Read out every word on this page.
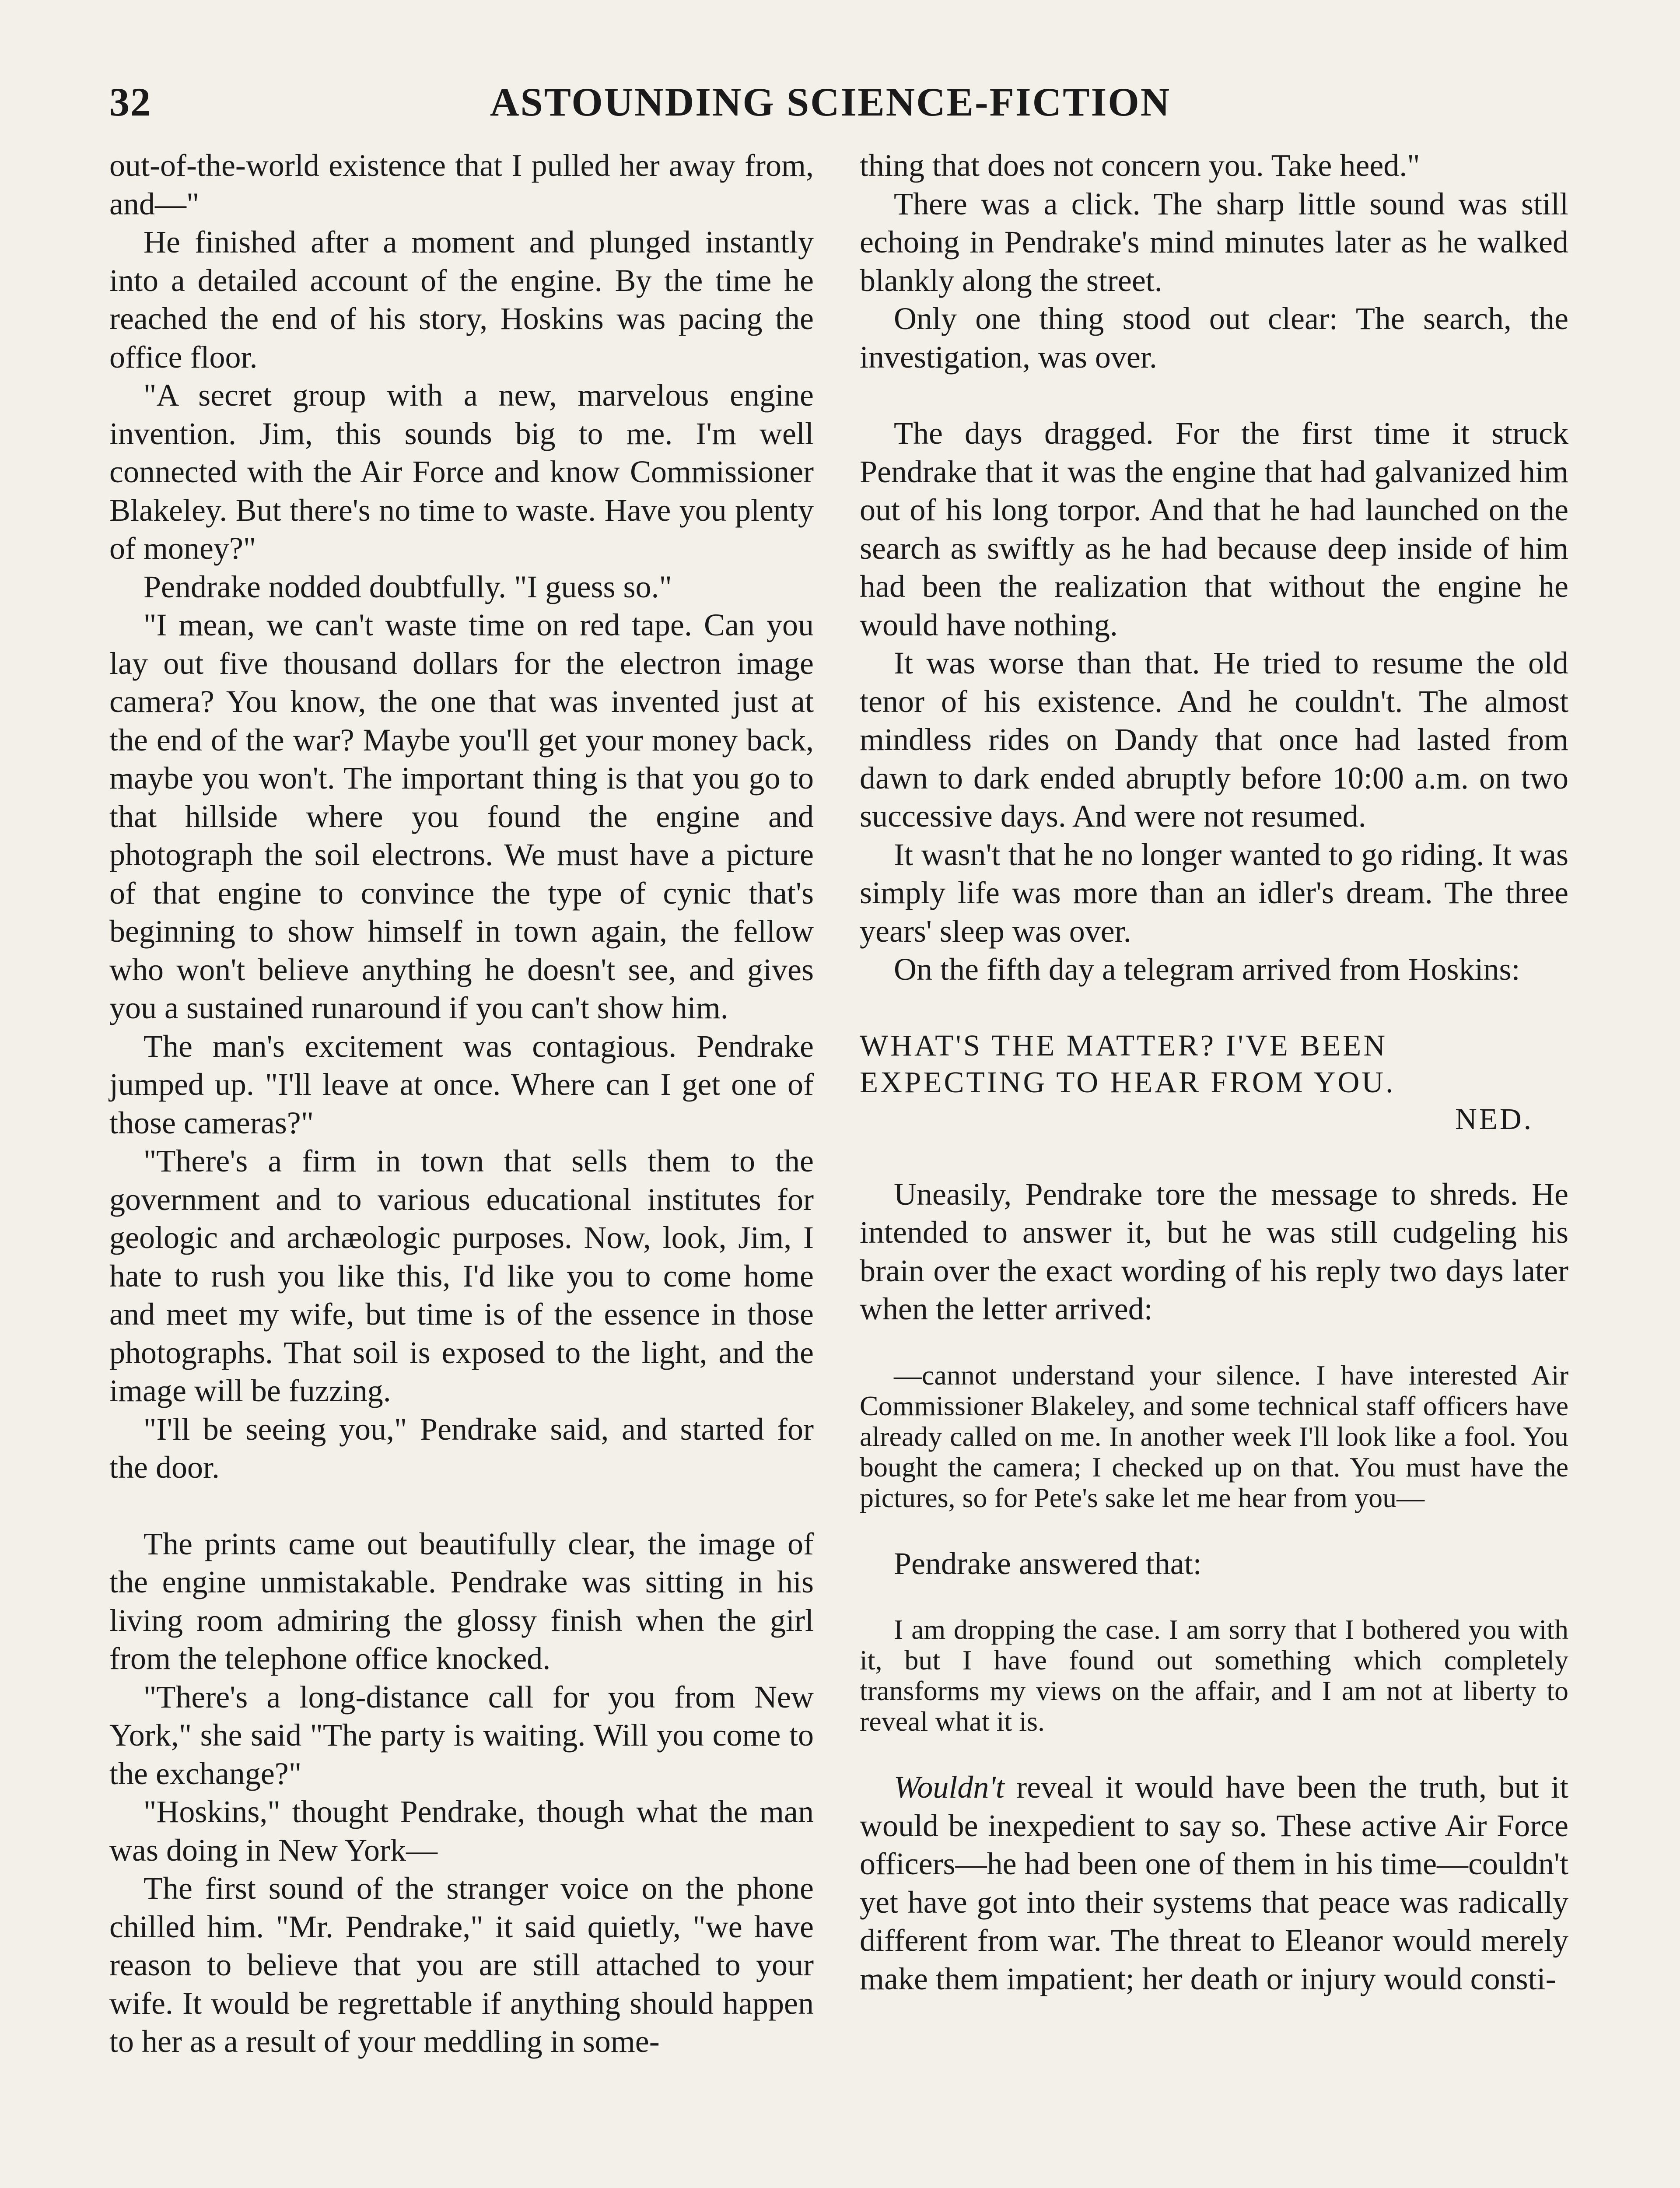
32	ASTOUNDING SCIENCE-FICTION

out-of-the-world existence that I pulled her away from, and—"

He finished after a moment and plunged instantly into a detailed account of the engine. By the time he reached the end of his story, Hoskins was pacing the office floor.

"A secret group with a new, marvelous engine invention. Jim, this sounds big to me. I'm well connected with the Air Force and know Commissioner Blakeley. But there's no time to waste. Have you plenty of money?"

Pendrake nodded doubtfully. "I guess so."

"I mean, we can't waste time on red tape. Can you lay out five thousand dollars for the electron image camera? You know, the one that was invented just at the end of the war? Maybe you'll get your money back, maybe you won't. The important thing is that you go to that hillside where you found the engine and photograph the soil electrons. We must have a picture of that engine to convince the type of cynic that's beginning to show himself in town again, the fellow who won't believe anything he doesn't see, and gives you a sustained runaround if you can't show him.

The man's excitement was contagious. Pendrake jumped up. "I'll leave at once. Where can I get one of those cameras?"

"There's a firm in town that sells them to the government and to various educational institutes for geologic and archæologic purposes. Now, look, Jim, I hate to rush you like this, I'd like you to come home and meet my wife, but time is of the essence in those photographs. That soil is exposed to the light, and the image will be fuzzing.

"I'll be seeing you," Pendrake said, and started for the door.

The prints came out beautifully clear, the image of the engine unmistakable. Pendrake was sitting in his living room admiring the glossy finish when the girl from the telephone office knocked.

"There's a long-distance call for you from New York," she said "The party is waiting. Will you come to the exchange?"

"Hoskins," thought Pendrake, though what the man was doing in New York—

The first sound of the stranger voice on the phone chilled him. "Mr. Pendrake," it said quietly, "we have reason to believe that you are still attached to your wife. It would be regrettable if anything should happen to her as a result of your meddling in some-

thing that does not concern you. Take heed."

There was a click. The sharp little sound was still echoing in Pendrake's mind minutes later as he walked blankly along the street.

Only one thing stood out clear: The search, the investigation, was over.

The days dragged. For the first time it struck Pendrake that it was the engine that had galvanized him out of his long torpor. And that he had launched on the search as swiftly as he had because deep inside of him had been the realization that without the engine he would have nothing.

It was worse than that. He tried to resume the old tenor of his existence. And he couldn't. The almost mindless rides on Dandy that once had lasted from dawn to dark ended abruptly before 10:00 a.m. on two successive days. And were not resumed.

It wasn't that he no longer wanted to go riding. It was simply life was more than an idler's dream. The three years' sleep was over.

On the fifth day a telegram arrived from Hoskins:

WHAT'S THE MATTER? I'VE BEEN EXPECTING TO HEAR FROM YOU.
NED.

Uneasily, Pendrake tore the message to shreds. He intended to answer it, but he was still cudgeling his brain over the exact wording of his reply two days later when the letter arrived:

—cannot understand your silence. I have interested Air Commissioner Blakeley, and some technical staff officers have already called on me. In another week I'll look like a fool. You bought the camera; I checked up on that. You must have the pictures, so for Pete's sake let me hear from you—

Pendrake answered that:

I am dropping the case. I am sorry that I bothered you with it, but I have found out something which completely transforms my views on the affair, and I am not at liberty to reveal what it is.

Wouldn't reveal it would have been the truth, but it would be inexpedient to say so. These active Air Force officers—he had been one of them in his time—couldn't yet have got into their systems that peace was radically different from war. The threat to Eleanor would merely make them impatient; her death or injury would consti-
